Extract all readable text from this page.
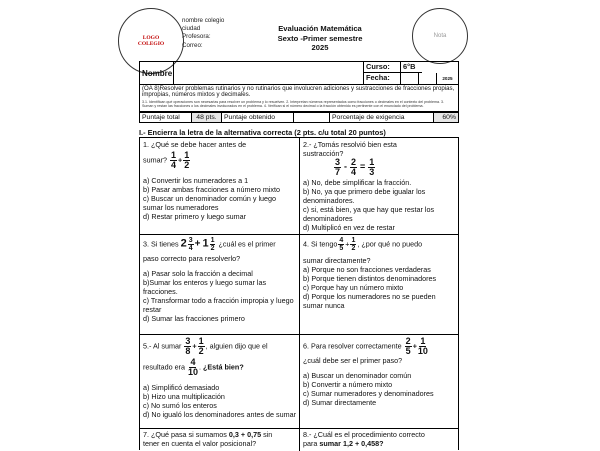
LOGO
COLEGIO
nombre colegio
ciudad
Profesora:
Correo:
Evaluación Matemática
Sexto -Primer semestre
2025
Nota
Nombre
Curso:	6°B
Fecha:	2025
(OA 8)Resolver problemas rutinarios y no rutinarios que involucren adiciones y sustracciones de fracciones propias, impropias, números mixtos y decimales.
3.1. Identifican qué operaciones son necesarias para resolver un problema y lo resuelven. 2. Interpretan números representados como fracciones o decimales en el contexto del problema. 3. Suman y restan las fracciones o los decimales involucrados en el problema. 4. Verifican si el número decimal o la fracción obtenido es pertinente con el enunciado del problema.
Puntaje total	48 pts.	Puntaje obtenido	Porcentaje de exigencia	60%
I.- Encierra la letra de la alternativa correcta (2 pts. c/u total 20 puntos)
1. ¿Qué se debe hacer antes de
sumar? $\frac{1}{4} + \frac{1}{2}$
a) Convertir los numeradores a 1
b) Pasar ambas fracciones a número mixto
c) Buscar un denominador común y luego sumar los numeradores
d) Restar primero y luego sumar
2.- ¿Tomás resolvió bien esta
sustracción?
$\frac{3}{7} - \frac{2}{4} = \frac{1}{3}$
a) No, debe simplificar la fracción.
b) No, ya que primero debe igualar los denominadores.
c) si, está bien, ya que hay que restar los denominadores
d) Multiplicó en vez de restar
3. Si tienes $2 \frac{3}{4} + 1 \frac{1}{2}$ ¿cuál es el primer
paso correcto para resolverlo?
a) Pasar solo la fracción a decimal
b)Sumar los enteros y luego sumar las fracciones.
c) Transformar todo a fracción impropia y luego restar
d) Sumar las fracciones primero
4. Si tengo $\frac{4}{5} + \frac{1}{2}$ , ¿por qué no puedo
sumar directamente?
a) Porque no son fracciones verdaderas
b) Porque tienen distintos denominadores
c) Porque hay un número mixto
d) Porque los numeradores no se pueden sumar nunca
5.- Al sumar $\frac{3}{8} + \frac{1}{2}$ , alguien dijo que el
resultado era $\frac{4}{10}$ . ¿Está bien?
a) Simplificó demasiado
b) Hizo una multiplicación
c) No sumó los enteros
d) No igualó los denominadores antes de sumar
6. Para resolver correctamente $\frac{2}{5} + \frac{1}{10}$
¿cuál debe ser el primer paso?
a) Buscar un denominador común
b) Convertir a número mixto
c) Sumar numeradores y denominadores
d) Sumar directamente
7. ¿Qué pasa si sumamos 0,3 + 0,75 sin
tener en cuenta el valor posicional?
8.- ¿Cuál es el procedimiento correcto
para sumar 1,2 + 0,458?
